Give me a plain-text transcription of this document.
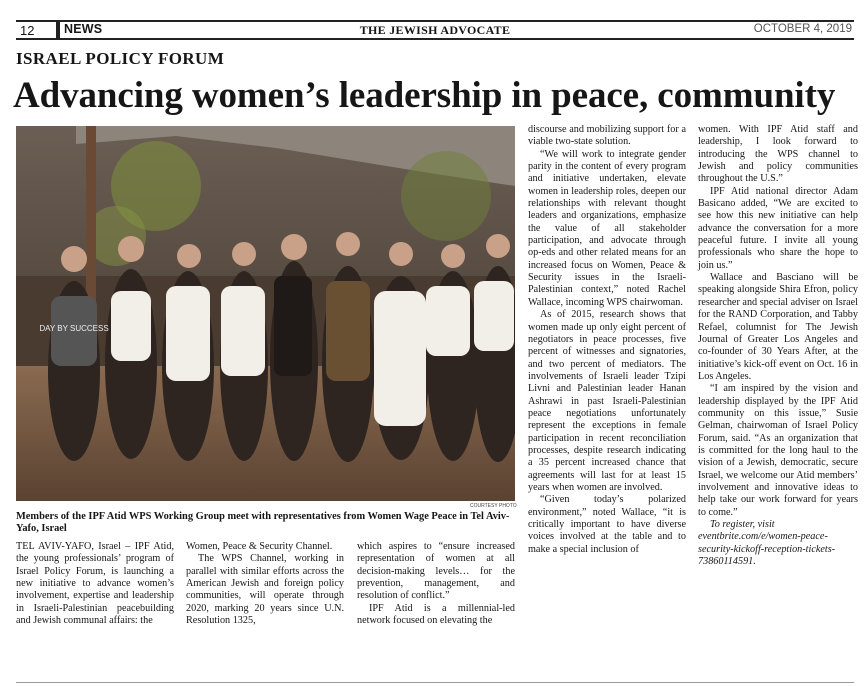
12 NEWS	THE JEWISH ADVOCATE	OCTOBER 4, 2019
ISRAEL POLICY FORUM
Advancing women’s leadership in peace, community
DAY BY SUCCESS
COURTESY PHOTO
Members of the IPF Atid WPS Working Group meet with representatives from Women Wage Peace in Tel Aviv-Yafo, Israel

TEL AVIV-YAFO, Israel – IPF Atid, the young professionals’ program of Israel Policy Forum, is launching a new initiative to advance women’s involvement, expertise and leadership in Israeli-Palestinian peacebuilding and Jewish communal affairs: the

Women, Peace & Security Channel.

The WPS Channel, working in parallel with similar efforts across the American Jewish and foreign policy communities, will operate through 2020, marking 20 years since U.N. Resolution 1325,

which aspires to “ensure increased representation of women at all decision-making levels… for the prevention, management, and resolution of conflict.”

IPF Atid is a millennial-led network focused on elevating the

discourse and mobilizing support for a viable two-state solution.

“We will work to integrate gender parity in the content of every program and initiative undertaken, elevate women in leadership roles, deepen our relationships with relevant thought leaders and organizations, emphasize the value of all stakeholder participation, and advocate through op-eds and other related means for an increased focus on Women, Peace & Security issues in the Israeli-Palestinian context,” noted Rachel Wallace, incoming WPS chairwoman.

As of 2015, research shows that women made up only eight percent of negotiators in peace processes, five percent of witnesses and signatories, and two percent of mediators. The involvements of Israeli leader Tzipi Livni and Palestinian leader Hanan Ashrawi in past Israeli-Palestinian peace negotiations unfortunately represent the exceptions in female participation in recent reconciliation processes, despite research indicating a 35 percent increased chance that agreements will last for at least 15 years when women are involved.

“Given today’s polarized environment,” noted Wallace, “it is critically important to have diverse voices involved at the table and to make a special inclusion of

women. With IPF Atid staff and leadership, I look forward to introducing the WPS channel to Jewish and policy communities throughout the U.S.”

IPF Atid national director Adam Basicano added, “We are excited to see how this new initiative can help advance the conversation for a more peaceful future. I invite all young professionals who share the hope to join us.”

Wallace and Basciano will be speaking alongside Shira Efron, policy researcher and special adviser on Israel for the RAND Corporation, and Tabby Refael, columnist for The Jewish Journal of Greater Los Angeles and co-founder of 30 Years After, at the initiative’s kick-off event on Oct. 16 in Los Angeles.

“I am inspired by the vision and leadership displayed by the IPF Atid community on this issue,” Susie Gelman, chairwoman of Israel Policy Forum, said. “As an organization that is committed for the long haul to the vision of a Jewish, democratic, secure Israel, we welcome our Atid members’ involvement and innovative ideas to help take our work forward for years to come.”

To register, visit eventbrite.com/e/women-peace-security-kickoff-reception-tickets-73860114591.
